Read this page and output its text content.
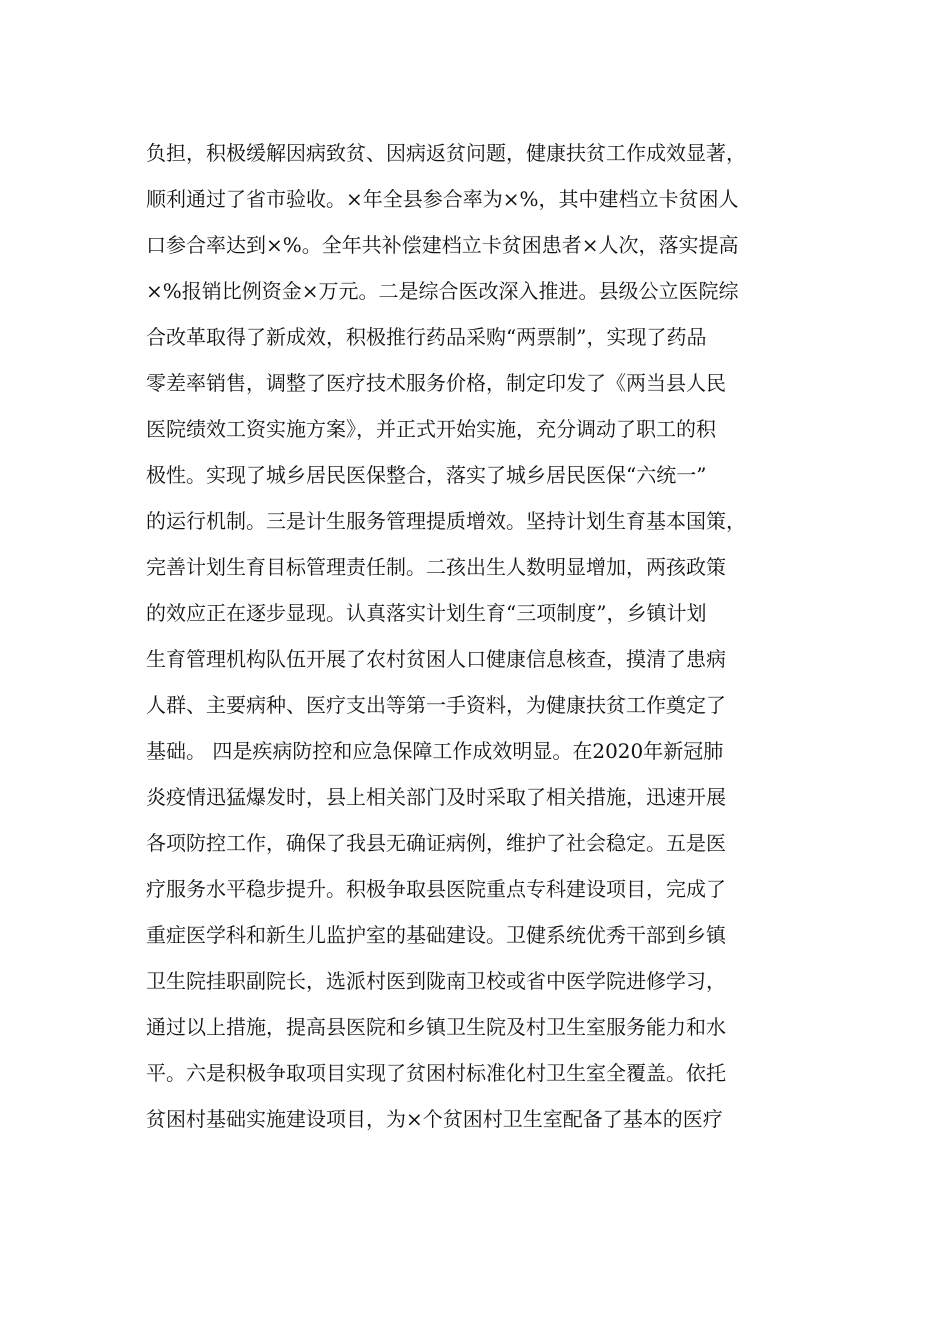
负担，积极缓解因病致贫、因病返贫问题，健康扶贫工作成效显著，
顺利通过了省市验收。×年全县参合率为×%，其中建档立卡贫困人
口参合率达到×%。全年共补偿建档立卡贫困患者×人次，落实提高
×%报销比例资金×万元。二是综合医改深入推进。县级公立医院综
合改革取得了新成效，积极推行药品采购“两票制”，实现了药品
零差率销售，调整了医疗技术服务价格，制定印发了《两当县人民
医院绩效工资实施方案》，并正式开始实施，充分调动了职工的积
极性。实现了城乡居民医保整合，落实了城乡居民医保“六统一”
的运行机制。三是计生服务管理提质增效。坚持计划生育基本国策，
完善计划生育目标管理责任制。二孩出生人数明显增加，两孩政策
的效应正在逐步显现。认真落实计划生育“三项制度”，乡镇计划
生育管理机构队伍开展了农村贫困人口健康信息核查，摸清了患病
人群、主要病种、医疗支出等第一手资料，为健康扶贫工作奠定了
基础。 四是疾病防控和应急保障工作成效明显。在2020年新冠肺
炎疫情迅猛爆发时，县上相关部门及时采取了相关措施，迅速开展
各项防控工作，确保了我县无确证病例，维护了社会稳定。五是医
疗服务水平稳步提升。积极争取县医院重点专科建设项目，完成了
重症医学科和新生儿监护室的基础建设。卫健系统优秀干部到乡镇
卫生院挂职副院长，选派村医到陇南卫校或省中医学院进修学习，
通过以上措施，提高县医院和乡镇卫生院及村卫生室服务能力和水
平。六是积极争取项目实现了贫困村标准化村卫生室全覆盖。依托
贫困村基础实施建设项目，为×个贫困村卫生室配备了基本的医疗
